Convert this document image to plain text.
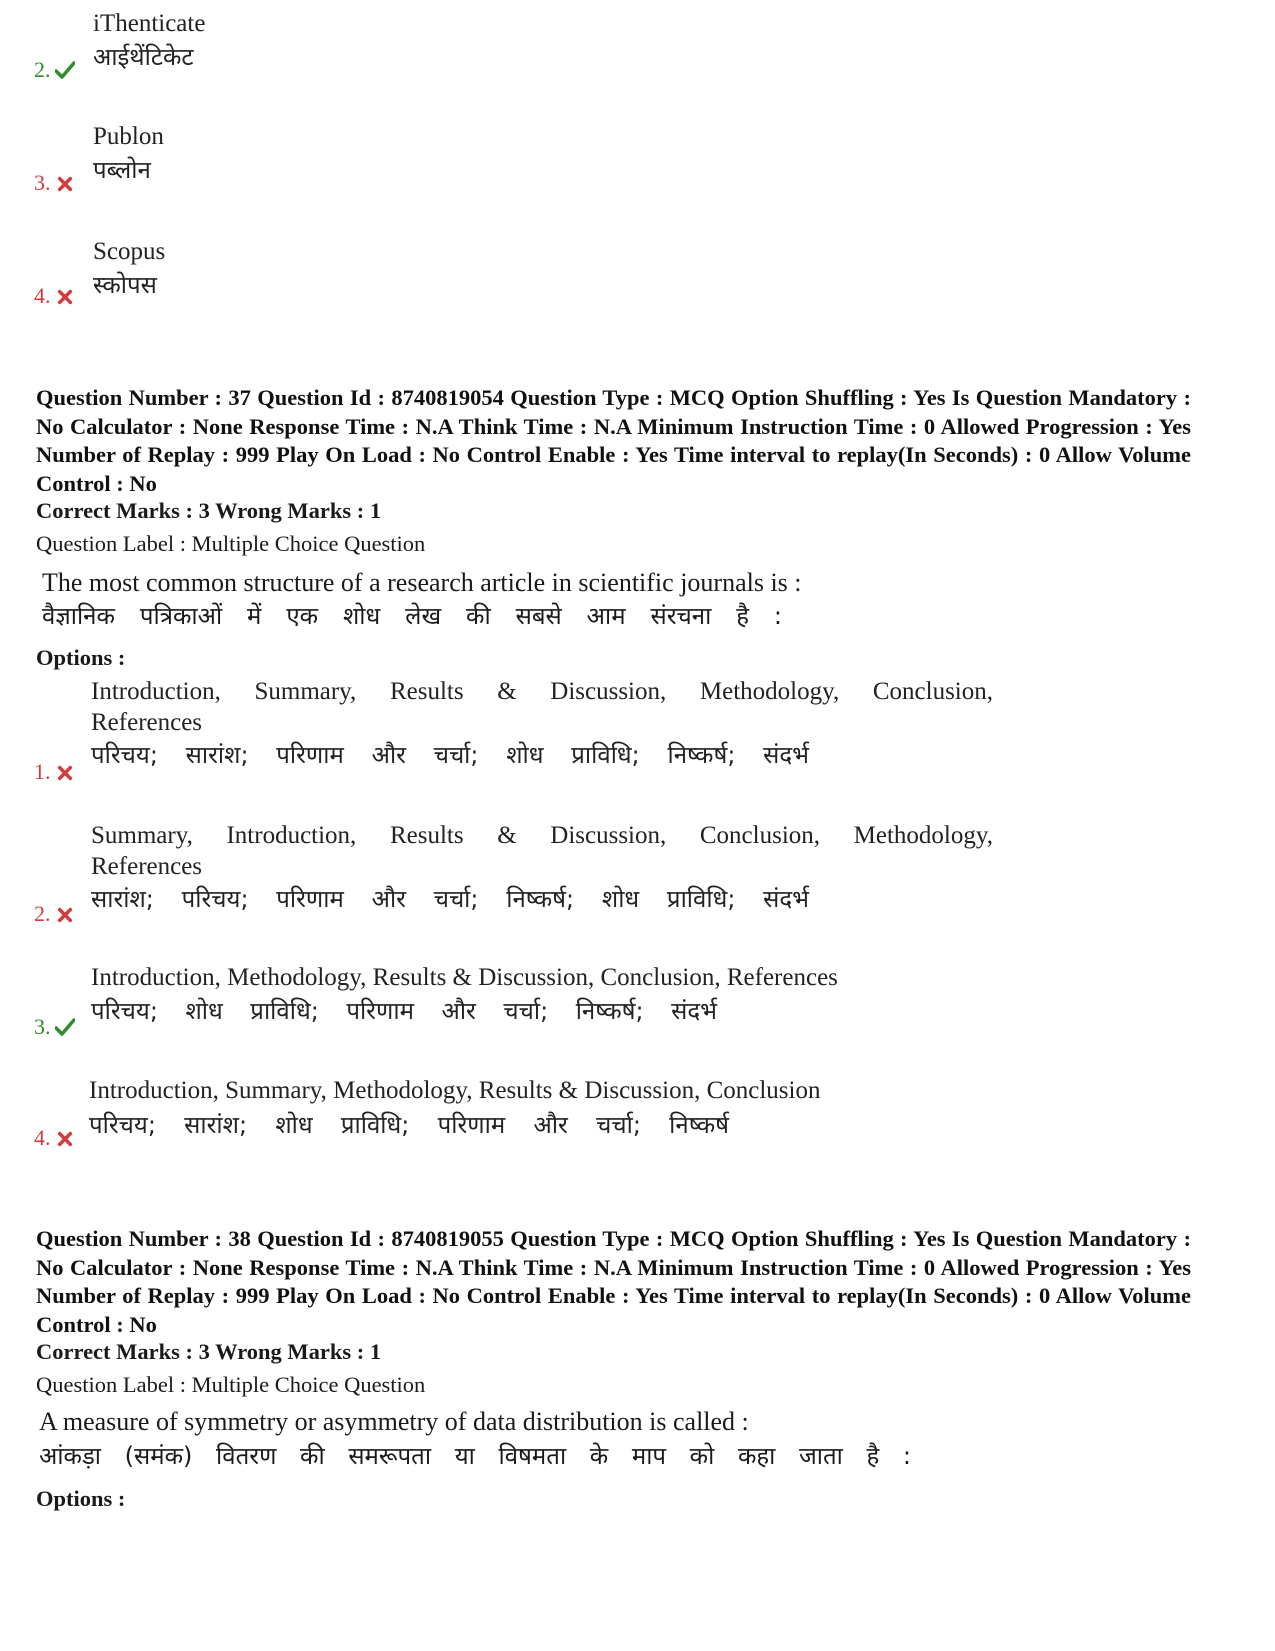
iThenticate
आईथेंटिकेट
2.
Publon
पब्लोन
3.
Scopus
स्कोपस
4.
Question Number : 37 Question Id : 8740819054 Question Type : MCQ Option Shuffling : Yes Is Question Mandatory : No Calculator : None Response Time : N.A Think Time : N.A Minimum Instruction Time : 0 Allowed Progression : Yes Number of Replay : 999 Play On Load : No Control Enable : Yes Time interval to replay(In Seconds) : 0 Allow Volume Control : No
Correct Marks : 3 Wrong Marks : 1
Question Label : Multiple Choice Question
The most common structure of a research article in scientific journals is :
वैज्ञानिक पत्रिकाओं में एक शोध लेख की सबसे आम संरचना है :
Options :
Introduction, Summary, Results & Discussion, Methodology, Conclusion,
References
परिचय; सारांश; परिणाम और चर्चा; शोध प्राविधि; निष्कर्ष; संदर्भ
1.
Summary, Introduction, Results & Discussion, Conclusion, Methodology,
References
सारांश; परिचय; परिणाम और चर्चा; निष्कर्ष; शोध प्राविधि; संदर्भ
2.
Introduction, Methodology, Results & Discussion, Conclusion, References
परिचय; शोध प्राविधि; परिणाम और चर्चा; निष्कर्ष; संदर्भ
3.
Introduction, Summary, Methodology, Results & Discussion, Conclusion
परिचय; सारांश; शोध प्राविधि; परिणाम और चर्चा; निष्कर्ष
4.
Question Number : 38 Question Id : 8740819055 Question Type : MCQ Option Shuffling : Yes Is Question Mandatory : No Calculator : None Response Time : N.A Think Time : N.A Minimum Instruction Time : 0 Allowed Progression : Yes Number of Replay : 999 Play On Load : No Control Enable : Yes Time interval to replay(In Seconds) : 0 Allow Volume Control : No
Correct Marks : 3 Wrong Marks : 1
Question Label : Multiple Choice Question
A measure of symmetry or asymmetry of data distribution is called :
आंकड़ा (समंक) वितरण की समरूपता या विषमता के माप को कहा जाता है :
Options :
